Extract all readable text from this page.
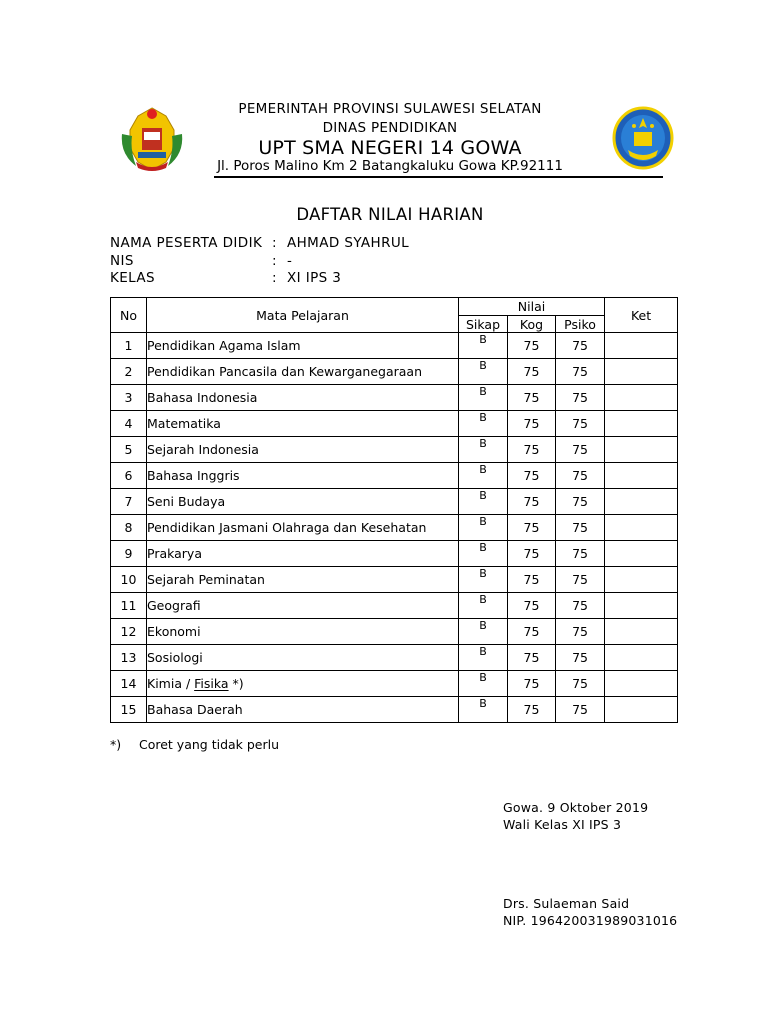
PEMERINTAH PROVINSI SULAWESI SELATAN
DINAS PENDIDIKAN
UPT SMA NEGERI 14 GOWA
Jl. Poros Malino Km 2 Batangkaluku Gowa KP.92111
DAFTAR NILAI HARIAN
NAMA PESERTA DIDIK : AHMAD SYAHRUL
NIS	: -
KELAS	: XI IPS 3
No	Mata Pelajaran	Nilai			Ket
		Sikap	Kog	Psiko	
1	Pendidikan Agama Islam	B	75	75	
2	Pendidikan Pancasila dan Kewarganegaraan	B	75	75	
3	Bahasa Indonesia	B	75	75	
4	Matematika	B	75	75	
5	Sejarah Indonesia	B	75	75	
6	Bahasa Inggris	B	75	75	
7	Seni Budaya	B	75	75	
8	Pendidikan Jasmani Olahraga dan Kesehatan	B	75	75	
9	Prakarya	B	75	75	
10	Sejarah Peminatan	B	75	75	
11	Geografi	B	75	75	
12	Ekonomi	B	75	75	
13	Sosiologi	B	75	75	
14	Kimia / Fisika *)	B	75	75	
15	Bahasa Daerah	B	75	75	
*) Coret yang tidak perlu
Gowa. 9 Oktober 2019
Wali Kelas XI IPS 3
Drs. Sulaeman Said
NIP. 196420031989031016
